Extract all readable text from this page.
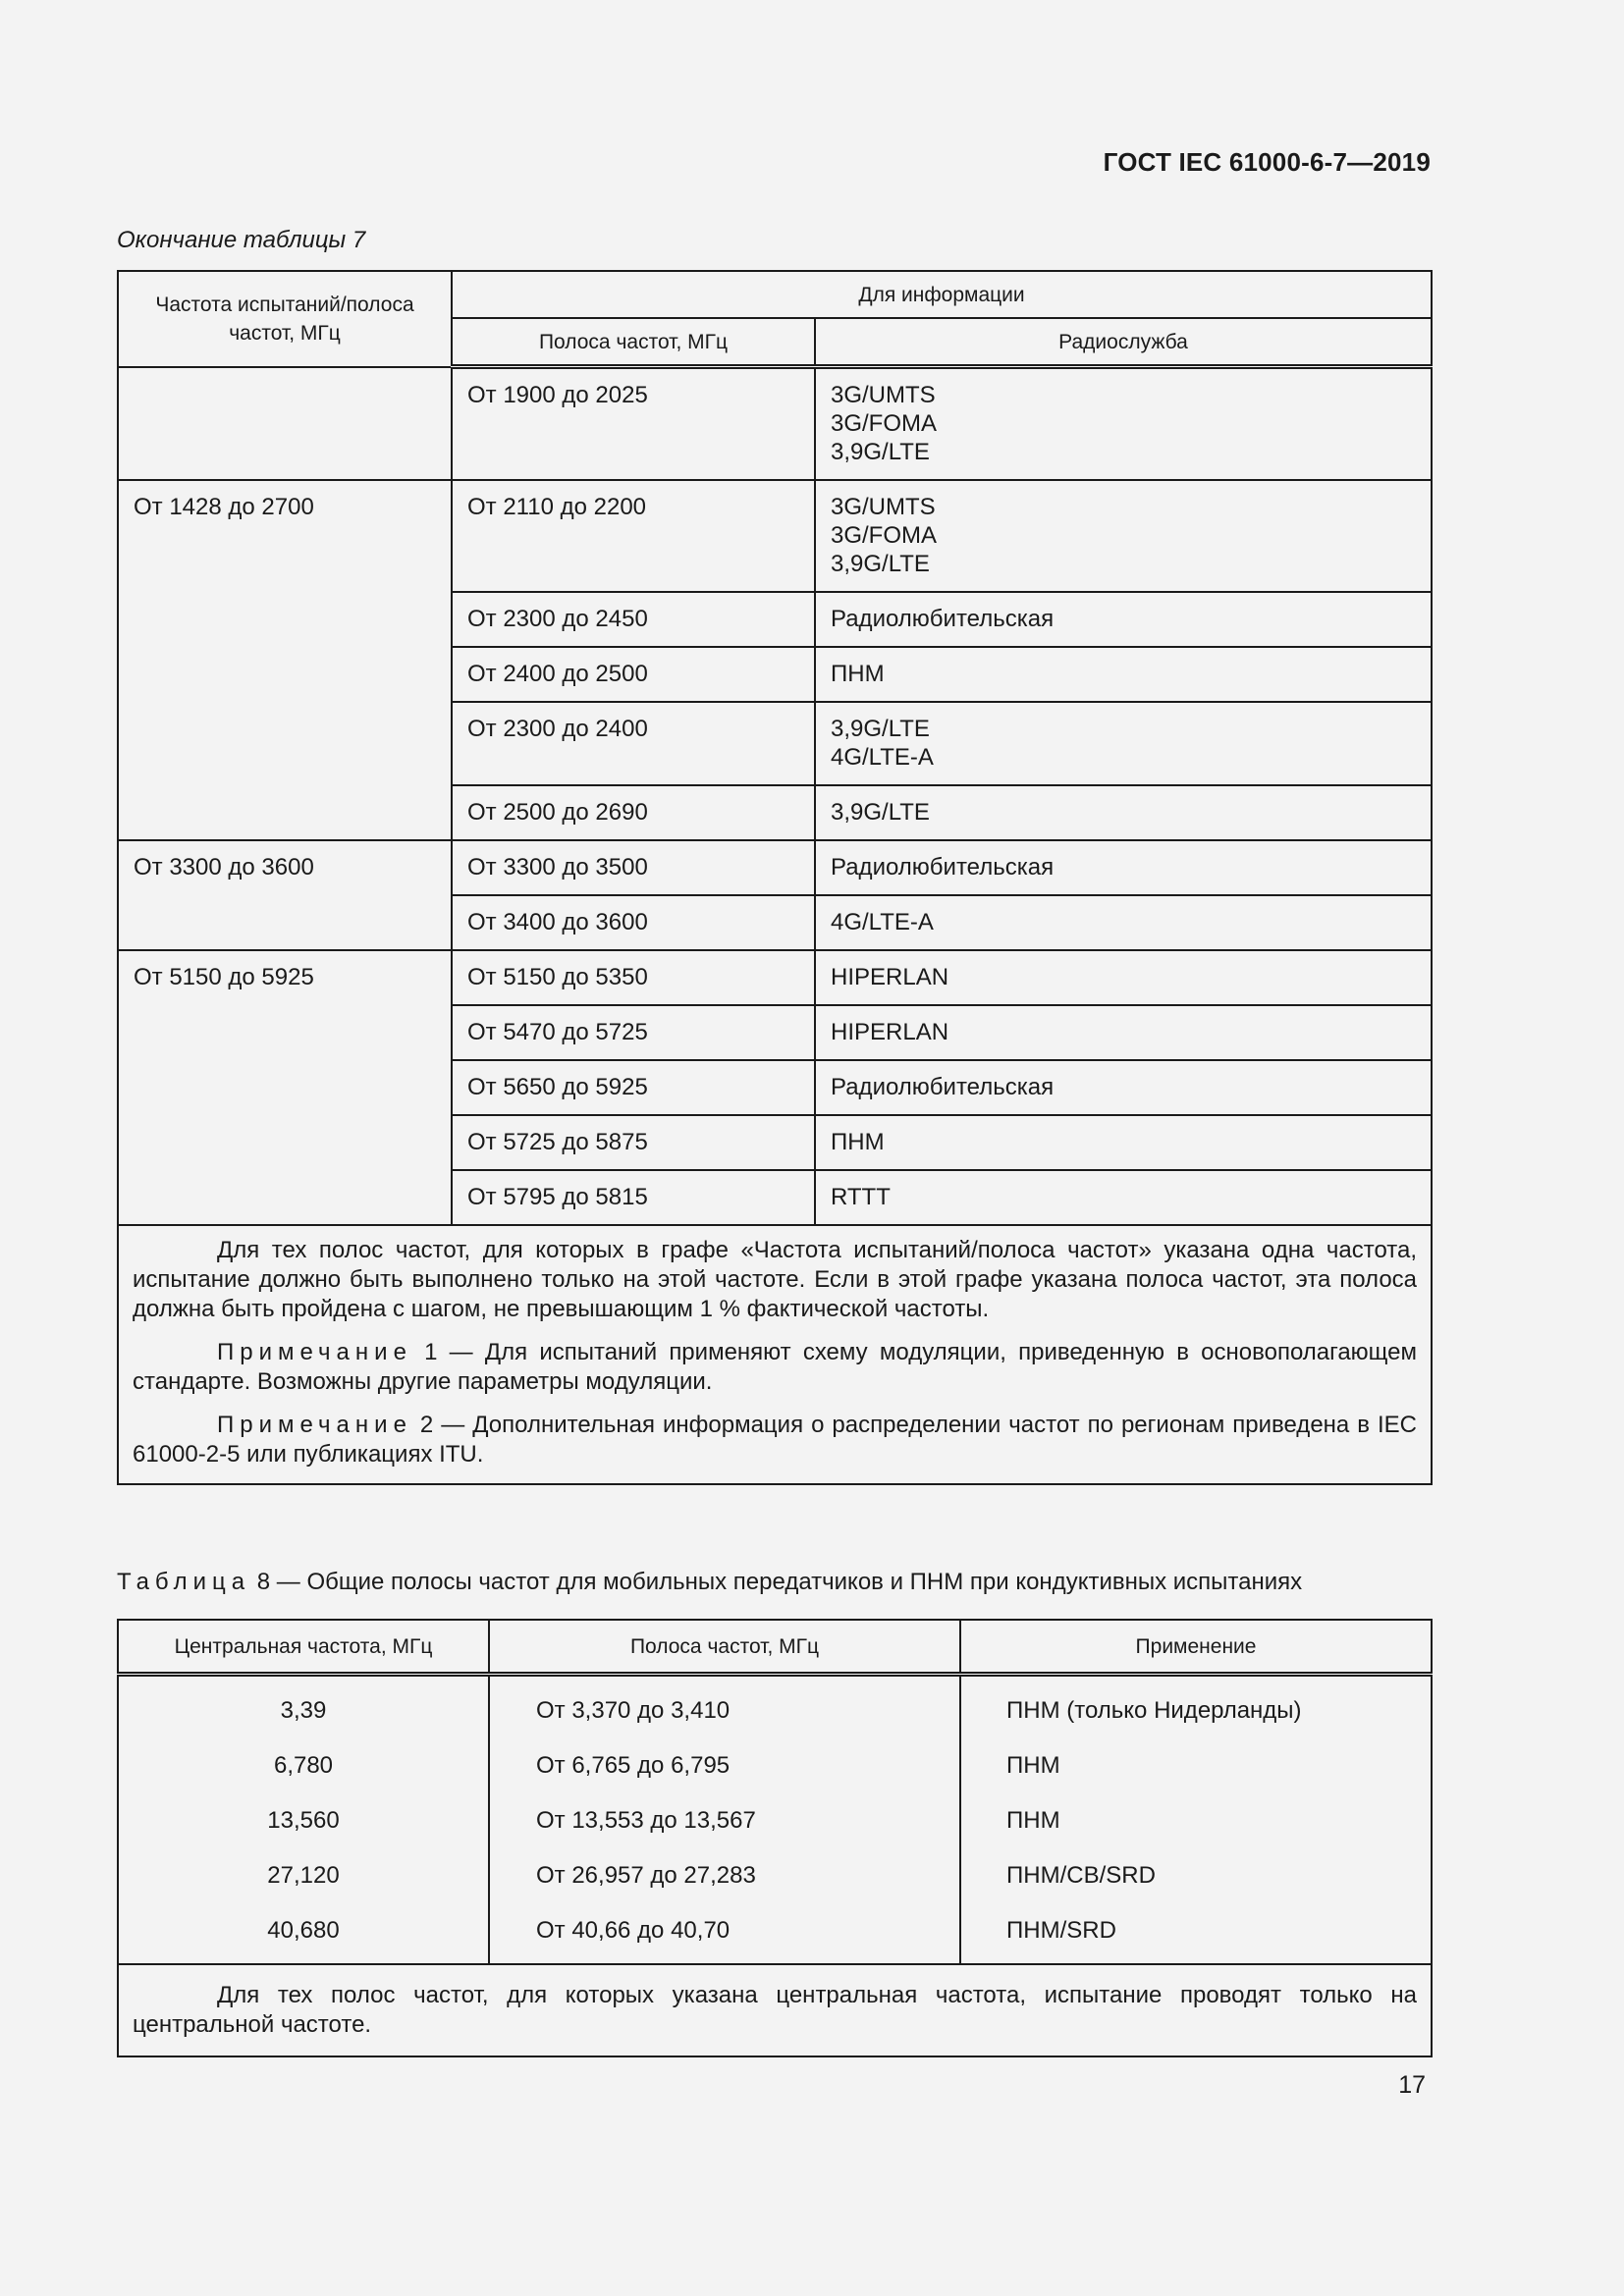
ГОСТ IEC 61000-6-7—2019
Окончание таблицы 7
Частота испытаний/полоса частот, МГц	Для информации	
	Полоса частот, МГц	Радиослужба
	От 1900 до 2025	3G/UMTS
3G/FOMA
3,9G/LTE
От 1428 до 2700	От 2110 до 2200	3G/UMTS
3G/FOMA
3,9G/LTE
	От 2300 до 2450	Радиолюбительская
	От 2400 до 2500	ПНМ
	От 2300 до 2400	3,9G/LTE
4G/LTE-A
	От 2500 до 2690	3,9G/LTE
От 3300 до 3600	От 3300 до 3500	Радиолюбительская
	От 3400 до 3600	4G/LTE-A
От 5150 до 5925	От 5150 до 5350	HIPERLAN
	От 5470 до 5725	HIPERLAN
	От 5650 до 5925	Радиолюбительская
	От 5725 до 5875	ПНМ
	От 5795 до 5815	RTTT

Для тех полос частот, для которых в графе «Частота испытаний/полоса частот» указана одна частота, испытание должно быть выполнено только на этой частоте. Если в этой графе указана полоса частот, эта полоса должна быть пройдена с шагом, не превышающим 1 % фактической частоты.

Примечание 1 — Для испытаний применяют схему модуляции, приведенную в основополагающем стандарте. Возможны другие параметры модуляции.

Примечание 2 — Дополнительная информация о распределении частот по регионам приведена в IEC 61000-2-5 или публикациях ITU.		

Таблица 8 — Общие полосы частот для мобильных передатчиков и ПНМ при кондуктивных испытаниях
Центральная частота, МГц	Полоса частот, МГц	Применение
3,39	От 3,370 до 3,410	ПНМ (только Нидерланды)
6,780	От 6,765 до 6,795	ПНМ
13,560	От 13,553 до 13,567	ПНМ
27,120	От 26,957 до 27,283	ПНМ/CB/SRD
40,680	От 40,66 до 40,70	ПНМ/SRD

Для тех полос частот, для которых указана центральная частота, испытание проводят только на центральной частоте.		

17
